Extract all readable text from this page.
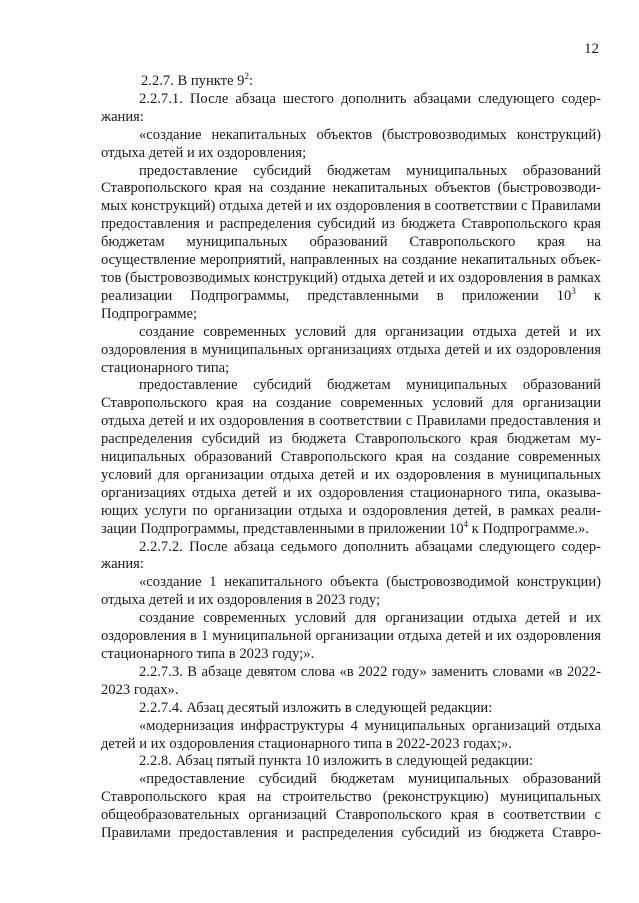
12

2.2.7. В пункте $9^2$:

2.2.7.1. После абзаца шестого дополнить абзацами следующего содержания:

«создание некапитальных объектов (быстровозводимых конструкций) отдыха детей и их оздоровления;

предоставление субсидий бюджетам муниципальных образований Ставропольского края на создание некапитальных объектов (быстровозводимых конструкций) отдыха детей и их оздоровления в соответствии с Правилами предоставления и распределения субсидий из бюджета Ставропольского края бюджетам муниципальных образований Ставропольского края на осуществление мероприятий, направленных на создание некапитальных объектов (быстровозводимых конструкций) отдыха детей и их оздоровления в рамках реализации Подпрограммы, представленными в приложении $10^3$ к Подпрограмме;

создание современных условий для организации отдыха детей и их оздоровления в муниципальных организациях отдыха детей и их оздоровления стационарного типа;

предоставление субсидий бюджетам муниципальных образований Ставропольского края на создание современных условий для организации отдыха детей и их оздоровления в соответствии с Правилами предоставления и распределения субсидий из бюджета Ставропольского края бюджетам муниципальных образований Ставропольского края на создание современных условий для организации отдыха детей и их оздоровления в муниципальных организациях отдыха детей и их оздоровления стационарного типа, оказывающих услуги по организации отдыха и оздоровления детей, в рамках реализации Подпрограммы, представленными в приложении $10^4$ к Подпрограмме.».

2.2.7.2. После абзаца седьмого дополнить абзацами следующего содержания:

«создание 1 некапитального объекта (быстровозводимой конструкции) отдыха детей и их оздоровления в 2023 году;

создание современных условий для организации отдыха детей и их оздоровления в 1 муниципальной организации отдыха детей и их оздоровления стационарного типа в 2023 году;».

2.2.7.3. В абзаце девятом слова «в 2022 году» заменить словами «в 2022-2023 годах».

2.2.7.4. Абзац десятый изложить в следующей редакции:

«модернизация инфраструктуры 4 муниципальных организаций отдыха детей и их оздоровления стационарного типа в 2022-2023 годах;».

2.2.8. Абзац пятый пункта 10 изложить в следующей редакции:

«предоставление субсидий бюджетам муниципальных образований Ставропольского края на строительство (реконструкцию) муниципальных общеобразовательных организаций Ставропольского края в соответствии с Правилами предоставления и распределения субсидий из бюджета Ставро-
